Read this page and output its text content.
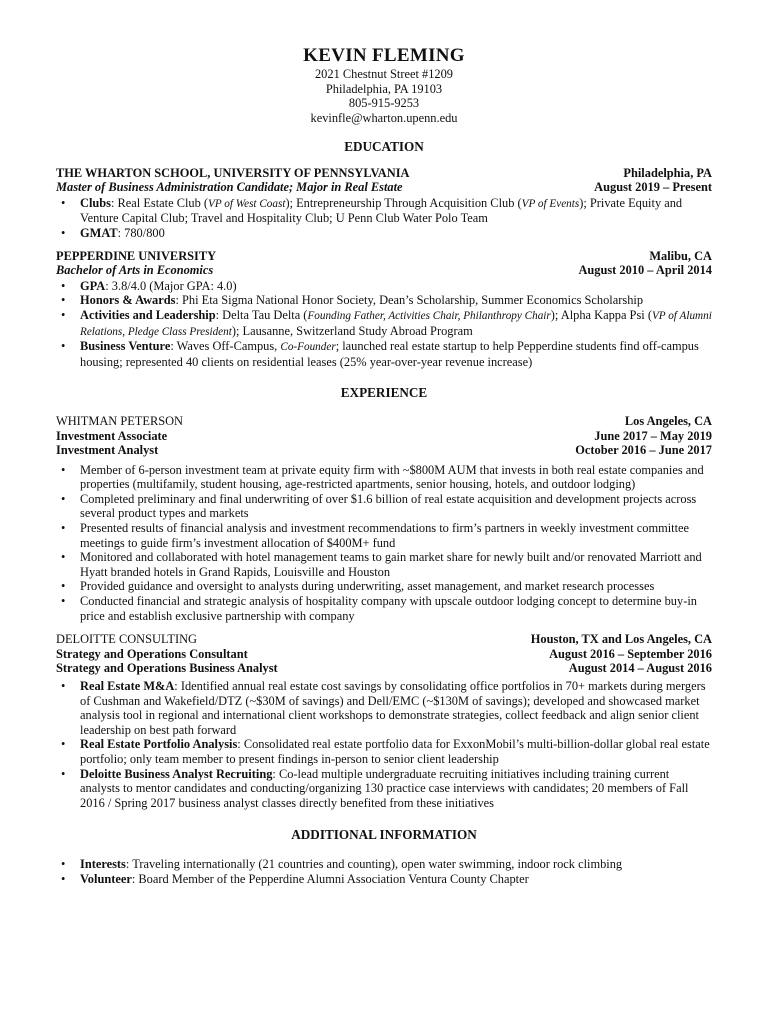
KEVIN FLEMING
2021 Chestnut Street #1209
Philadelphia, PA 19103
805-915-9253
kevinfle@wharton.upenn.edu
EDUCATION
THE WHARTON SCHOOL, UNIVERSITY OF PENNSYLVANIA	Philadelphia, PA
Master of Business Administration Candidate; Major in Real Estate	August 2019 – Present
• Clubs: Real Estate Club (VP of West Coast); Entrepreneurship Through Acquisition Club (VP of Events); Private Equity and Venture Capital Club; Travel and Hospitality Club; U Penn Club Water Polo Team
• GMAT: 780/800
PEPPERDINE UNIVERSITY	Malibu, CA
Bachelor of Arts in Economics	August 2010 – April 2014
• GPA: 3.8/4.0 (Major GPA: 4.0)
• Honors & Awards: Phi Eta Sigma National Honor Society, Dean’s Scholarship, Summer Economics Scholarship
• Activities and Leadership: Delta Tau Delta (Founding Father, Activities Chair, Philanthropy Chair); Alpha Kappa Psi (VP of Alumni Relations, Pledge Class President); Lausanne, Switzerland Study Abroad Program
• Business Venture: Waves Off-Campus, Co-Founder; launched real estate startup to help Pepperdine students find off-campus housing; represented 40 clients on residential leases (25% year-over-year revenue increase)
EXPERIENCE
WHITMAN PETERSON	Los Angeles, CA
Investment Associate	June 2017 – May 2019
Investment Analyst	October 2016 – June 2017
• Member of 6-person investment team at private equity firm with ~$800M AUM that invests in both real estate companies and properties (multifamily, student housing, age-restricted apartments, senior housing, hotels, and outdoor lodging)
• Completed preliminary and final underwriting of over $1.6 billion of real estate acquisition and development projects across several product types and markets
• Presented results of financial analysis and investment recommendations to firm’s partners in weekly investment committee meetings to guide firm’s investment allocation of $400M+ fund
• Monitored and collaborated with hotel management teams to gain market share for newly built and/or renovated Marriott and Hyatt branded hotels in Grand Rapids, Louisville and Houston
• Provided guidance and oversight to analysts during underwriting, asset management, and market research processes
• Conducted financial and strategic analysis of hospitality company with upscale outdoor lodging concept to determine buy-in price and establish exclusive partnership with company
DELOITTE CONSULTING	Houston, TX and Los Angeles, CA
Strategy and Operations Consultant	August 2016 – September 2016
Strategy and Operations Business Analyst	August 2014 – August 2016
• Real Estate M&A: Identified annual real estate cost savings by consolidating office portfolios in 70+ markets during mergers of Cushman and Wakefield/DTZ (~$30M of savings) and Dell/EMC (~$130M of savings); developed and showcased market analysis tool in regional and international client workshops to demonstrate strategies, collect feedback and align senior client leadership on best path forward
• Real Estate Portfolio Analysis: Consolidated real estate portfolio data for ExxonMobil’s multi-billion-dollar global real estate portfolio; only team member to present findings in-person to senior client leadership
• Deloitte Business Analyst Recruiting: Co-lead multiple undergraduate recruiting initiatives including training current analysts to mentor candidates and conducting/organizing 130 practice case interviews with candidates; 20 members of Fall 2016 / Spring 2017 business analyst classes directly benefited from these initiatives
ADDITIONAL INFORMATION
• Interests: Traveling internationally (21 countries and counting), open water swimming, indoor rock climbing
• Volunteer: Board Member of the Pepperdine Alumni Association Ventura County Chapter
